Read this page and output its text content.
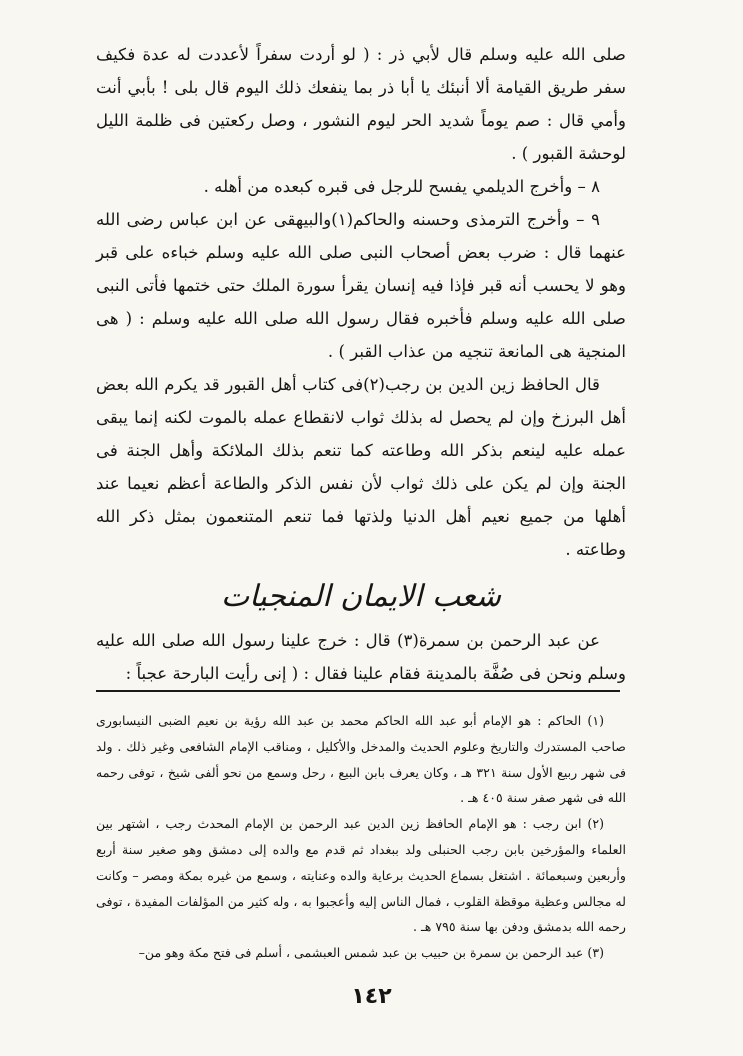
صلى الله عليه وسلم قال لأبي ذر : ( لو أردت سفراً لأعددت له عدة فكيف سفر طريق القيامة ألا أنبئك يا أبا ذر بما ينفعك ذلك اليوم قال بلى ! بأبي أنت وأمي قال : صم يوماً شديد الحر ليوم النشور ، وصل ركعتين فى ظلمة الليل لوحشة القبور ) .

٨ – وأخرج الديلمي يفسح للرجل فى قبره كبعده من أهله .

٩ – وأخرج الترمذى وحسنه والحاكم(١)والبيهقى عن ابن عباس رضى الله عنهما قال : ضرب بعض أصحاب النبى صلى الله عليه وسلم خباءه على قبر وهو لا يحسب أنه قبر فإذا فيه إنسان يقرأ سورة الملك حتى ختمها فأتى النبى صلى الله عليه وسلم فأخبره فقال رسول الله صلى الله عليه وسلم : ( هى المنجية هى المانعة تنجيه من عذاب القبر ) .

قال الحافظ زين الدين بن رجب(٢)فى كتاب أهل القبور قد يكرم الله بعض أهل البرزخ وإن لم يحصل له بذلك ثواب لانقطاع عمله بالموت لكنه إنما يبقى عمله عليه لينعم بذكر الله وطاعته كما تنعم بذلك الملائكة وأهل الجنة فى الجنة وإن لم يكن على ذلك ثواب لأن نفس الذكر والطاعة أعظم نعيما عند أهلها من جميع نعيم أهل الدنيا ولذتها فما تنعم المتنعمون بمثل ذكر الله وطاعته .

شعب الايمان المنجيات

عن عبد الرحمن بن سمرة(٣) قال : خرج علينا رسول الله صلى الله عليه وسلم ونحن فى صُفَّة بالمدينة فقام علينا فقال : ( إنى رأيت البارحة عجباً :

(١) الحاكم : هو الإمام أبو عبد الله الحاكم محمد بن عبد الله رؤية بن نعيم الضبى النيسابورى صاحب المستدرك والتاريخ وعلوم الحديث والمدخل والأكليل ، ومناقب الإمام الشافعى وغير ذلك . ولد فى شهر ربيع الأول سنة ٣٢١ هـ ، وكان يعرف بابن البيع ، رحل وسمع من نحو ألفى شيخ ، توفى رحمه الله فى شهر صفر سنة ٤٠٥ هـ .

(٢) ابن رجب : هو الإمام الحافظ زين الدين عبد الرحمن بن الإمام المحدث رجب ، اشتهر بين العلماء والمؤرخين بابن رجب الحنبلى ولد ببغداد ثم قدم مع والده إلى دمشق وهو صغير سنة أربع وأربعين وسبعمائة . اشتغل بسماع الحديث برعاية والده وعنايته ، وسمع من غيره بمكة ومصر – وكانت له مجالس وعظية موقظة القلوب ، فمال الناس إليه وأعجبوا به ، وله كثير من المؤلفات المفيدة ، توفى رحمه الله بدمشق ودفن بها سنة ٧٩٥ هـ .

(٣) عبد الرحمن بن سمرة بن حبيب بن عبد شمس العبشمى ، أسلم فى فتح مكة وهو من–

١٤٢
